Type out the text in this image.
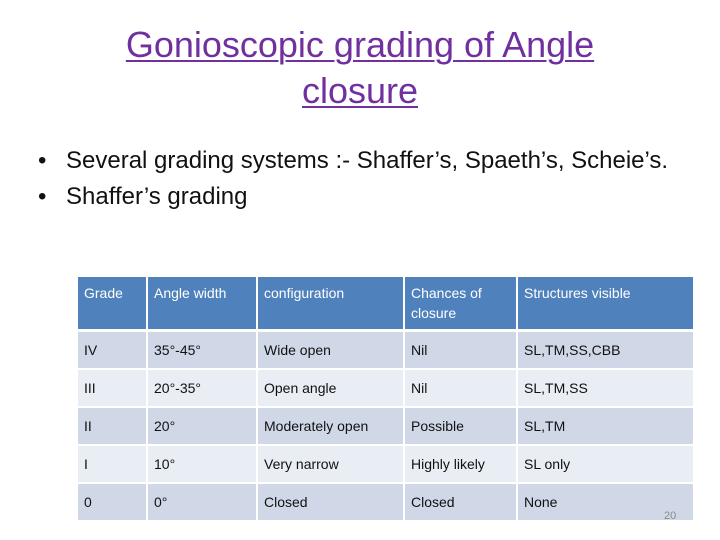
Gonioscopic grading of Angle
closure
• Several grading systems :- Shaffer’s, Spaeth’s, Scheie’s.
• Shaffer’s grading
Grade	Angle width	configuration	Chances of closure	Structures visible
IV	35°-45°	Wide open	Nil	SL,TM,SS,CBB
III	20°-35°	Open angle	Nil	SL,TM,SS
II	20°	Moderately open	Possible	SL,TM
I	10°	Very narrow	Highly likely	SL only
0	0°	Closed	Closed	None
20
